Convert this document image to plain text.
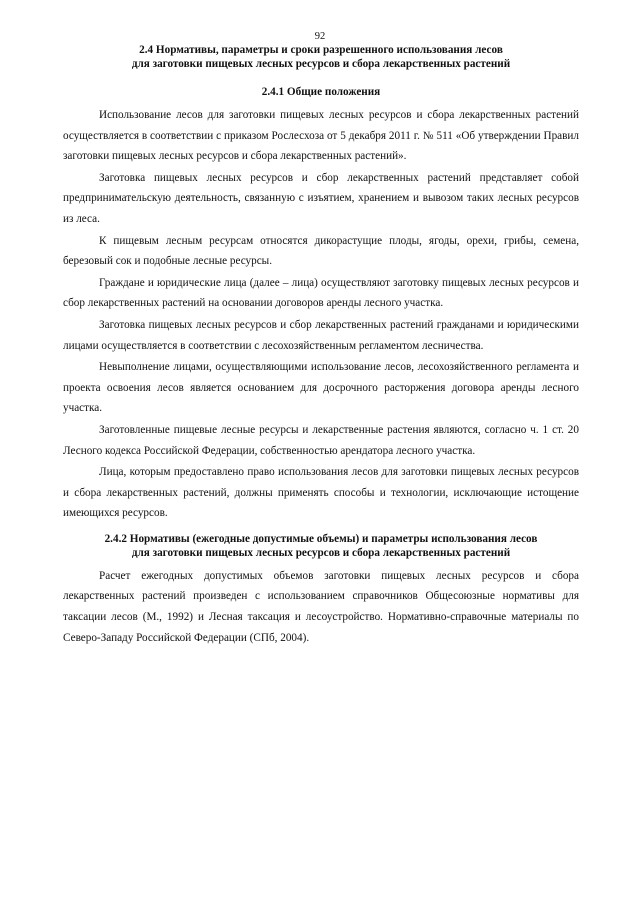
92
2.4 Нормативы, параметры и сроки разрешенного использования лесов
для заготовки пищевых лесных ресурсов и сбора лекарственных растений
2.4.1 Общие положения

Использование лесов для заготовки пищевых лесных ресурсов и сбора лекарственных растений осуществляется в соответствии с приказом Рослесхоза от 5 декабря 2011 г. № 511 «Об утверждении Правил заготовки пищевых лесных ресурсов и сбора лекарственных растений».

Заготовка пищевых лесных ресурсов и сбор лекарственных растений представляет собой предпринимательскую деятельность, связанную с изъятием, хранением и вывозом таких лесных ресурсов из леса.

К пищевым лесным ресурсам относятся дикорастущие плоды, ягоды, орехи, грибы, семена, березовый сок и подобные лесные ресурсы.

Граждане и юридические лица (далее – лица) осуществляют заготовку пищевых лесных ресурсов и сбор лекарственных растений на основании договоров аренды лесного участка.

Заготовка пищевых лесных ресурсов и сбор лекарственных растений гражданами и юридическими лицами осуществляется в соответствии с лесохозяйственным регламентом лесничества.

Невыполнение лицами, осуществляющими использование лесов, лесохозяйственного регламента и проекта освоения лесов является основанием для досрочного расторжения договора аренды лесного участка.

Заготовленные пищевые лесные ресурсы и лекарственные растения являются, согласно ч. 1 ст. 20 Лесного кодекса Российской Федерации, собственностью арендатора лесного участка.

Лица, которым предоставлено право использования лесов для заготовки пищевых лесных ресурсов и сбора лекарственных растений, должны применять способы и технологии, исключающие истощение имеющихся ресурсов.

2.4.2 Нормативы (ежегодные допустимые объемы) и параметры использования лесов
для заготовки пищевых лесных ресурсов и сбора лекарственных растений

Расчет ежегодных допустимых объемов заготовки пищевых лесных ресурсов и сбора лекарственных растений произведен с использованием справочников Общесоюзные нормативы для таксации лесов (М., 1992) и Лесная таксация и лесоустройство. Нормативно-справочные материалы по Северо-Западу Российской Федерации (СПб, 2004).
